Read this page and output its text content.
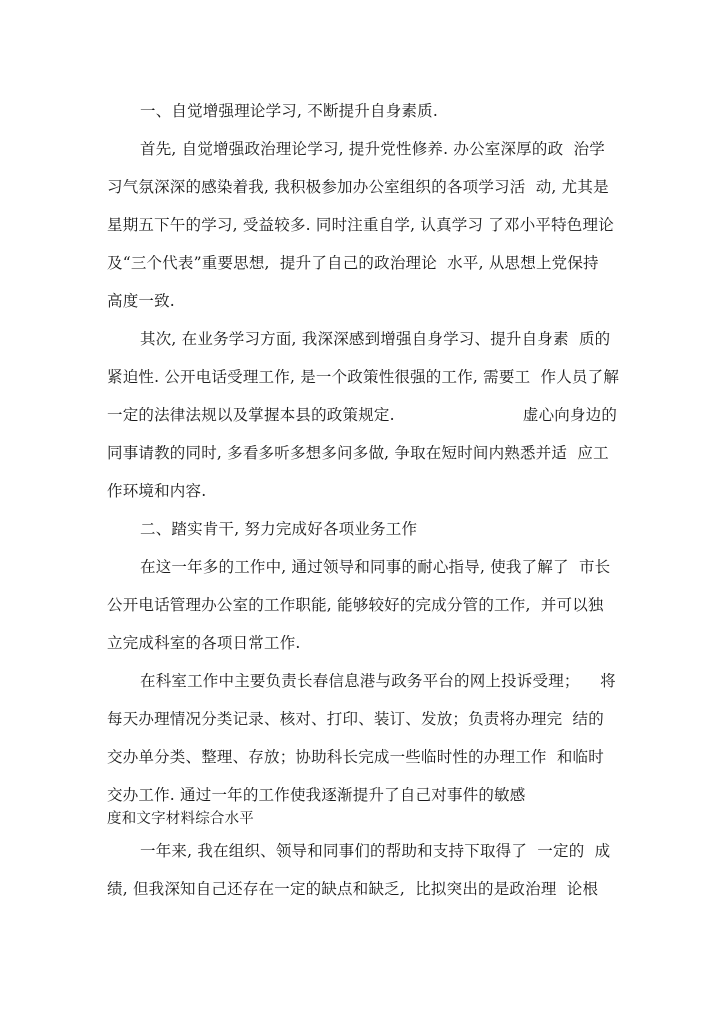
一、自觉增强理论学习, 不断提升自身素质.
首先, 自觉增强政治理论学习, 提升党性修养. 办公室深厚的政  治学
习气氛深深的感染着我, 我积极参加办公室组织的各项学习活  动, 尤其是
星期五下午的学习, 受益较多. 同时注重自学, 认真学习 了邓小平特色理论
及“三个代表”重要思想,  提升了自己的政治理论  水平, 从思想上党保持
高度一致.
其次, 在业务学习方面, 我深深感到增强自身学习、提升自身素  质的
紧迫性. 公开电话受理工作, 是一个政策性很强的工作, 需要工  作人员了解
一定的法律法规以及掌握本县的政策规定.                         虚心向身边的
同事请教的同时, 多看多听多想多问多做, 争取在短时间内熟悉并适  应工
作环境和内容.
二、踏实肯干, 努力完成好各项业务工作
在这一年多的工作中, 通过领导和同事的耐心指导, 使我了解了  市长
公开电话管理办公室的工作职能, 能够较好的完成分管的工作,  并可以独
立完成科室的各项日常工作.
在科室工作中主要负责长春信息港与政务平台的网上投诉受理；    将
每天办理情况分类记录、核对、打印、装订、发放；负责将办理完  结的
交办单分类、整理、存放；协助科长完成一些临时性的办理工作  和临时
交办工作. 通过一年的工作使我逐渐提升了自己对事件的敏感
度和文字材料综合水平
一年来, 我在组织、领导和同事们的帮助和支持下取得了  一定的  成
绩, 但我深知自己还存在一定的缺点和缺乏,  比拟突出的是政治理  论根
